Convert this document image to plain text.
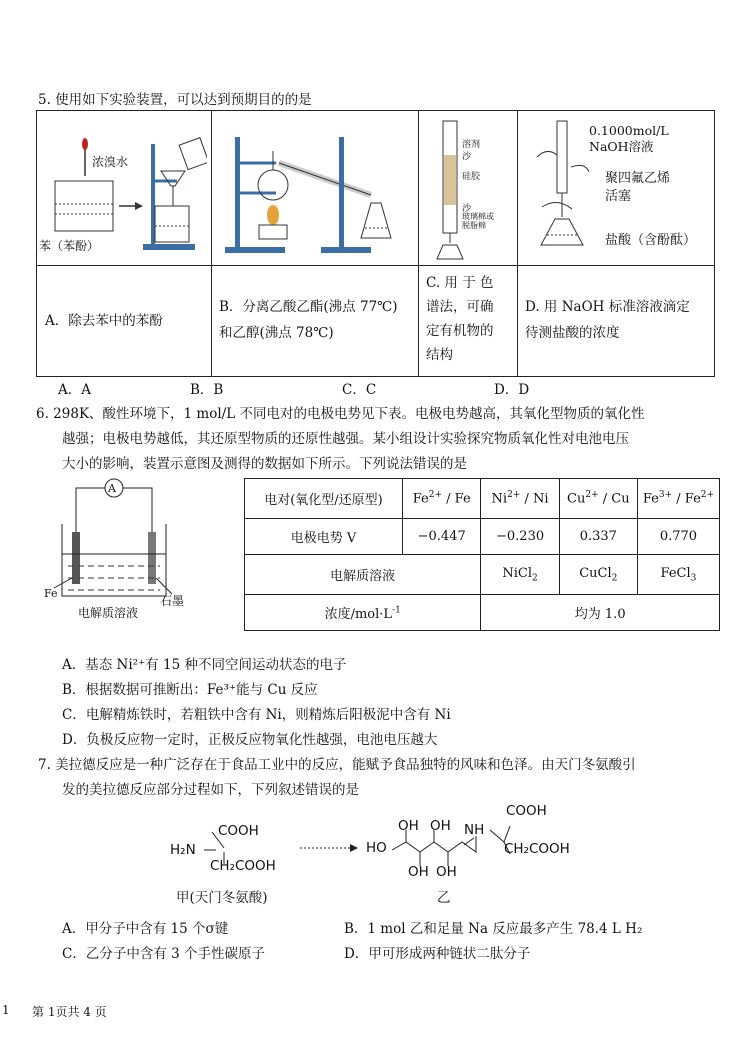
5. 使用如下实验装置，可以达到预期目的的是
浓溴水
苯（苯酚）
溶剂
沙
硅胶
沙
玻璃棉或
脱脂棉
0.1000mol/L
NaOH溶液
聚四氟乙烯
活塞
盐酸（含酚酞）
A．除去苯中的苯酚
B．分离乙酸乙酯(沸点 77℃)
和乙醇(沸点 78℃)
C. 用 于 色
谱法，可确
定有机物的
结构
D. 用 NaOH 标准溶液滴定
待测盐酸的浓度
A．A	B．B	C．C	D．D
6. 298K、酸性环境下，1 mol/L 不同电对的电极电势见下表。电极电势越高，其氧化型物质的氧化性
越强；电极电势越低，其还原型物质的还原性越强。某小组设计实验探究物质氧化性对电池电压
大小的影响，装置示意图及测得的数据如下所示。下列说法错误的是
A
Fe
石墨
电解质溶液
电对(氧化型/还原型)	$Fe^{2+}$ / Fe	$Ni^{2+}$ / Ni	$Cu^{2+}$ / Cu	$Fe^{3+} / Fe^{2+}$
电极电势 V	−0.447	−0.230	0.337	0.770
电解质溶液		NiCl$_2$	CuCl$_2$	FeCl$_3$
浓度$/mol\cdot L^{-1}$		均为 1.0		
A．基态 Ni²⁺有 15 种不同空间运动状态的电子
B．根据数据可推断出：Fe³⁺能与 Cu 反应
C．电解精炼铁时，若粗铁中含有 Ni，则精炼后阳极泥中含有 Ni
D．负极反应物一定时，正极反应物氧化性越强，电池电压越大
7. 美拉德反应是一种广泛存在于食品工业中的反应，能赋予食品独特的风味和色泽。由天门冬氨酸引
发的美拉德反应部分过程如下，下列叙述错误的是
COOH
H₂N
CH₂COOH
甲(天门冬氨酸)
COOH
OH OH NH
HO	CH₂COOH
OH OH
乙
A．甲分子中含有 15 个σ键	B．1 mol 乙和足量 Na 反应最多产生 78.4 L H₂
C．乙分子中含有 3 个手性碳原子	D．甲可形成两种链状二肽分子
1 第 1页共 4 页
